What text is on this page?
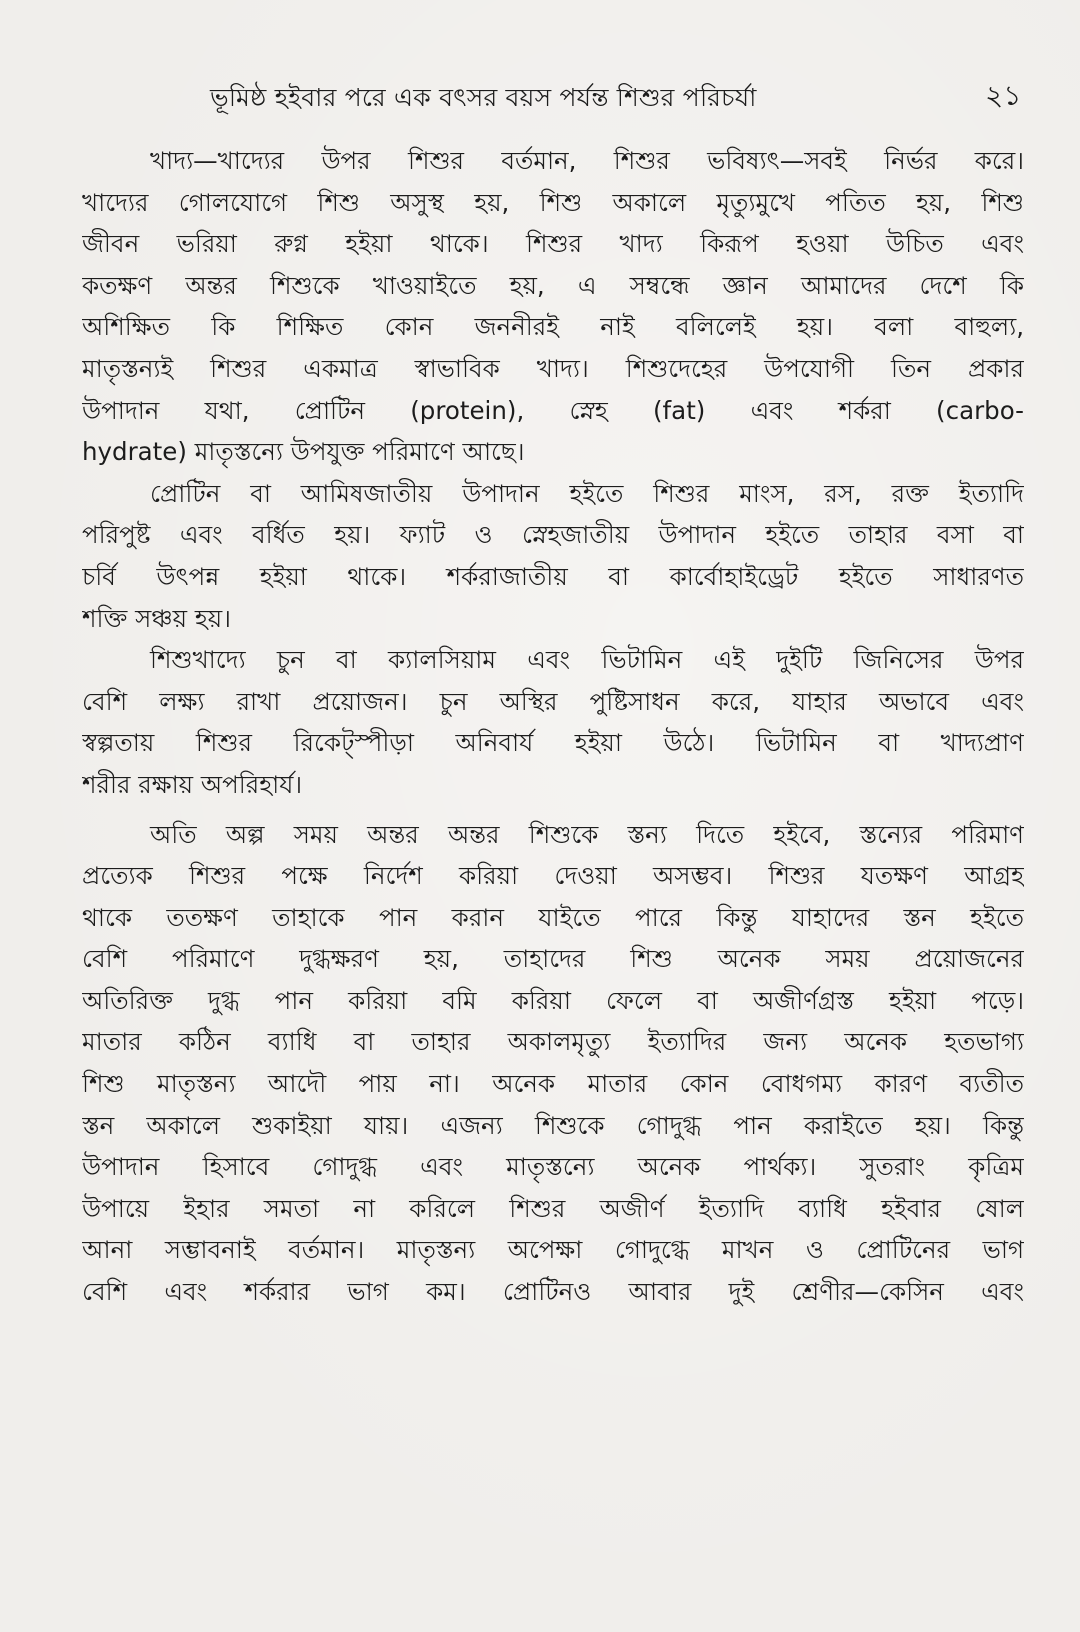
ভূমিষ্ঠ হইবার পরে এক বৎসর বয়স পর্যন্ত শিশুর পরিচর্যা	২১
খাদ্য—খাদ্যের উপর শিশুর বর্তমান, শিশুর ভবিষ্যৎ—সবই নির্ভর করে।
খাদ্যের গোলযোগে শিশু অসুস্থ হয়, শিশু অকালে মৃত্যুমুখে পতিত হয়, শিশু
জীবন ভরিয়া রুগ্ন হইয়া থাকে। শিশুর খাদ্য কিরূপ হওয়া উচিত এবং
কতক্ষণ অন্তর শিশুকে খাওয়াইতে হয়, এ সম্বন্ধে জ্ঞান আমাদের দেশে কি
অশিক্ষিত কি শিক্ষিত কোন জননীরই নাই বলিলেই হয়। বলা বাহুল্য,
মাতৃস্তন্যই শিশুর একমাত্র স্বাভাবিক খাদ্য। শিশুদেহের উপযোগী তিন প্রকার
উপাদান যথা, প্রোটিন (protein), স্নেহ (fat) এবং শর্করা (carbo-
hydrate) মাতৃস্তন্যে উপযুক্ত পরিমাণে আছে।
প্রোটিন বা আমিষজাতীয় উপাদান হইতে শিশুর মাংস, রস, রক্ত ইত্যাদি
পরিপুষ্ট এবং বর্ধিত হয়। ফ্যাট ও স্নেহজাতীয় উপাদান হইতে তাহার বসা বা
চর্বি উৎপন্ন হইয়া থাকে। শর্করাজাতীয় বা কার্বোহাইড্রেট হইতে সাধারণত
শক্তি সঞ্চয় হয়।
শিশুখাদ্যে চুন বা ক্যালসিয়াম এবং ভিটামিন এই দুইটি জিনিসের উপর
বেশি লক্ষ্য রাখা প্রয়োজন। চুন অস্থির পুষ্টিসাধন করে, যাহার অভাবে এবং
স্বল্পতায় শিশুর রিকেট্স্পীড়া অনিবার্য হইয়া উঠে। ভিটামিন বা খাদ্যপ্রাণ
শরীর রক্ষায় অপরিহার্য।
অতি অল্প সময় অন্তর অন্তর শিশুকে স্তন্য দিতে হইবে, স্তন্যের পরিমাণ
প্রত্যেক শিশুর পক্ষে নির্দেশ করিয়া দেওয়া অসম্ভব। শিশুর যতক্ষণ আগ্রহ
থাকে ততক্ষণ তাহাকে পান করান যাইতে পারে কিন্তু যাহাদের স্তন হইতে
বেশি পরিমাণে দুগ্ধক্ষরণ হয়, তাহাদের শিশু অনেক সময় প্রয়োজনের
অতিরিক্ত দুগ্ধ পান করিয়া বমি করিয়া ফেলে বা অজীর্ণগ্রস্ত হইয়া পড়ে।
মাতার কঠিন ব্যাধি বা তাহার অকালমৃত্যু ইত্যাদির জন্য অনেক হতভাগ্য
শিশু মাতৃস্তন্য আদৌ পায় না। অনেক মাতার কোন বোধগম্য কারণ ব্যতীত
স্তন অকালে শুকাইয়া যায়। এজন্য শিশুকে গোদুগ্ধ পান করাইতে হয়। কিন্তু
উপাদান হিসাবে গোদুগ্ধ এবং মাতৃস্তন্যে অনেক পার্থক্য। সুতরাং কৃত্রিম
উপায়ে ইহার সমতা না করিলে শিশুর অজীর্ণ ইত্যাদি ব্যাধি হইবার ষোল
আনা সম্ভাবনাই বর্তমান। মাতৃস্তন্য অপেক্ষা গোদুগ্ধে মাখন ও প্রোটিনের ভাগ
বেশি এবং শর্করার ভাগ কম। প্রোটিনও আবার দুই শ্রেণীর—কেসিন এবং
